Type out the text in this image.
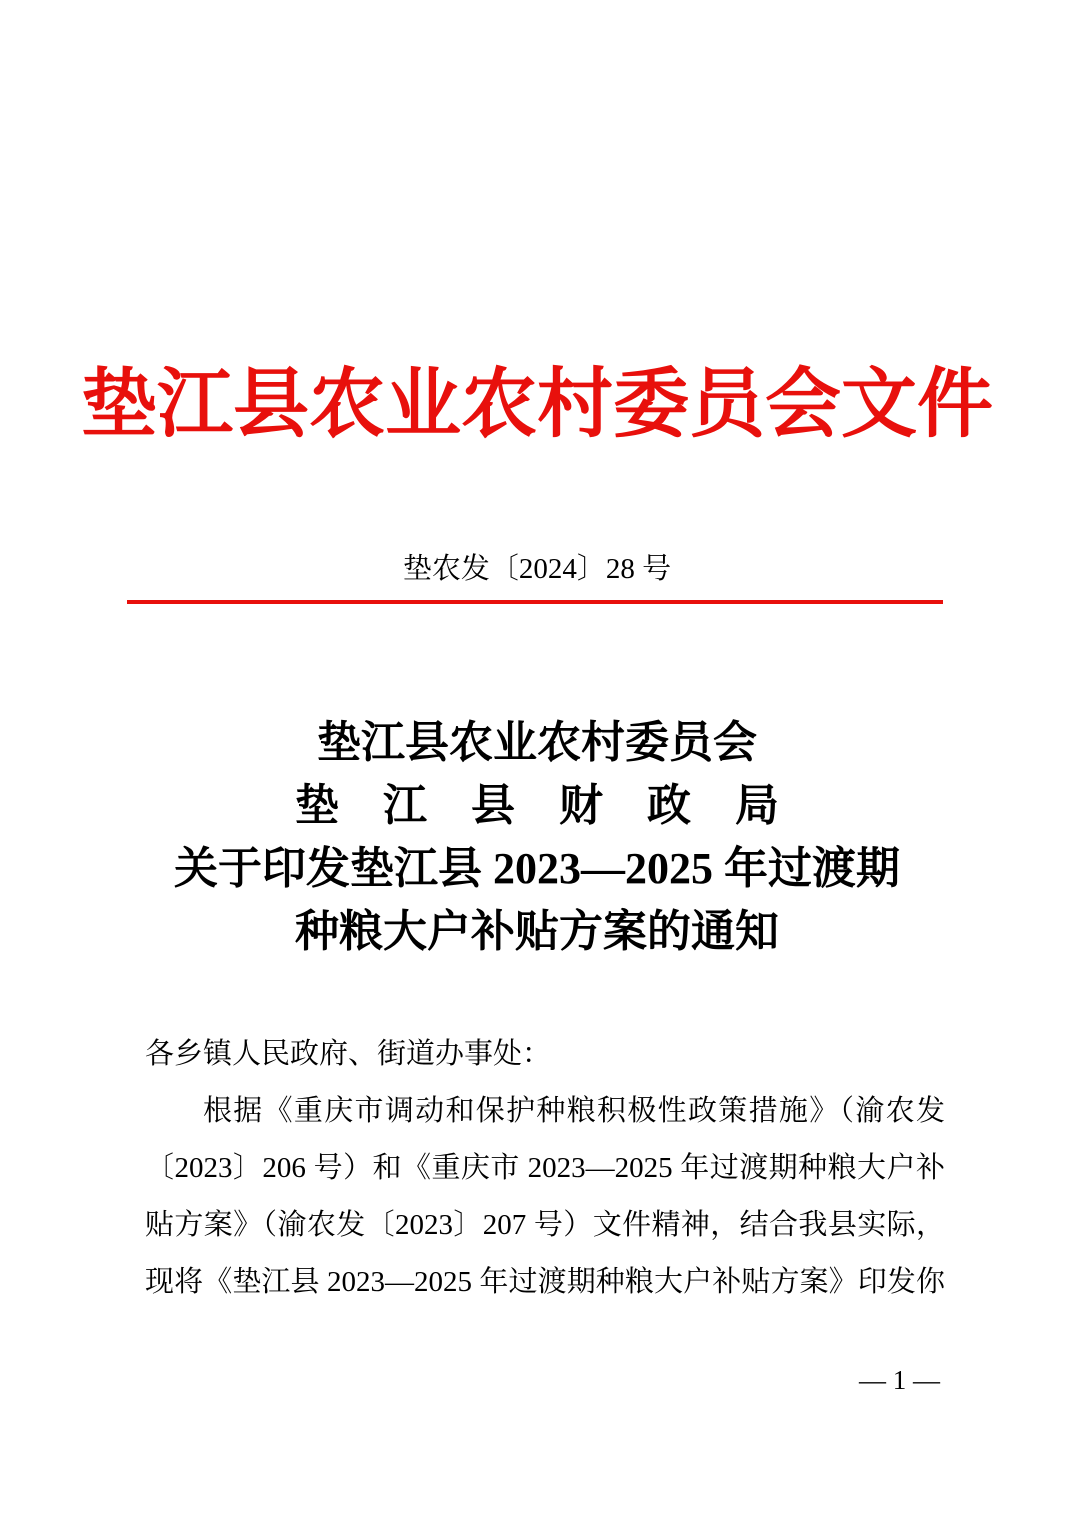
垫江县农业农村委员会文件
垫农发〔2024〕28 号
垫江县农业农村委员会
垫　江　县　财　政　局
关于印发垫江县 2023—2025 年过渡期
种粮大户补贴方案的通知
各乡镇人民政府、街道办事处：
根据《重庆市调动和保护种粮积极性政策措施》（渝农发
〔2023〕206 号）和《重庆市 2023—2025 年过渡期种粮大户补
贴方案》（渝农发〔2023〕207 号）文件精神，结合我县实际，
现将《垫江县 2023—2025 年过渡期种粮大户补贴方案》印发你
— 1 —
